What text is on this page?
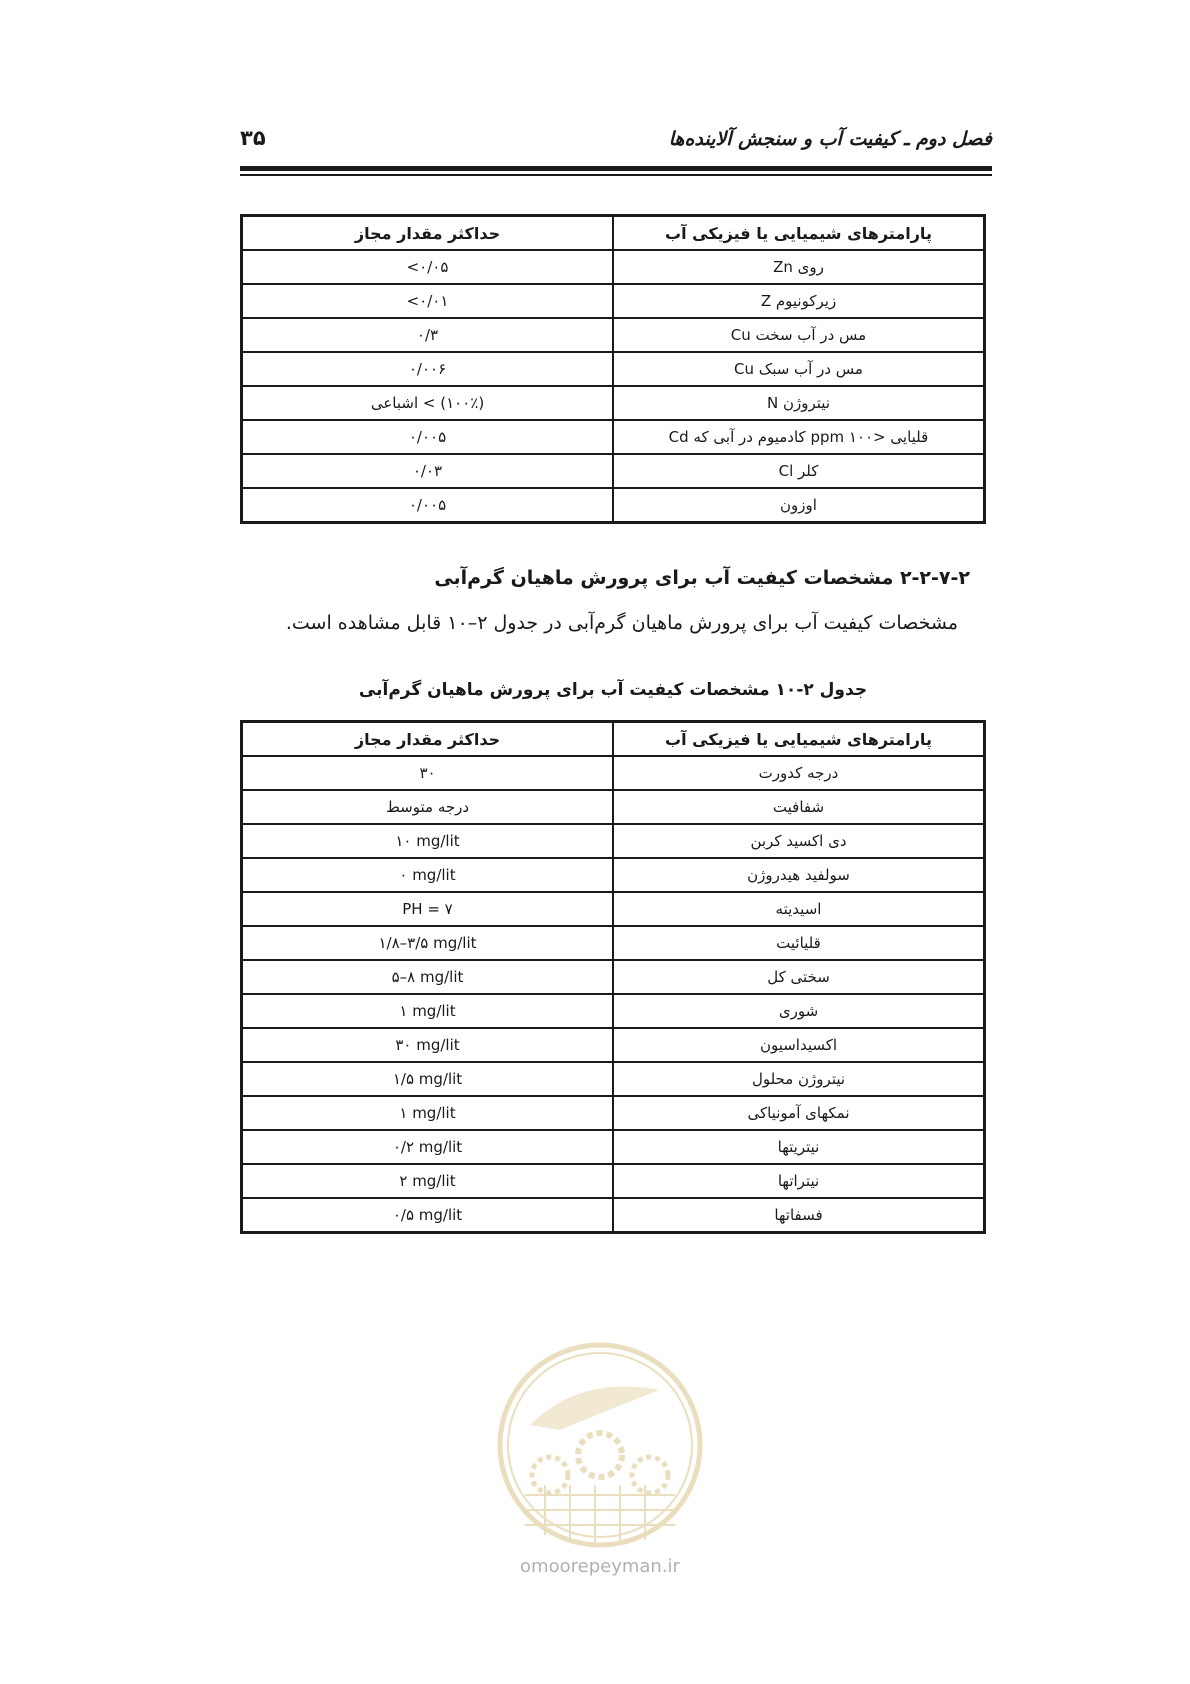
فصل دوم ـ کیفیت آب و سنجش آلاینده‌ها
۳۵
پارامترهای شیمیایی یا فیزیکی آب	حداکثر مقدار مجاز
Zn روی	<۰/۰۵
Z زیرکونیوم	<۰/۰۱
Cu مس در آب سخت	۰/۳
Cu مس در آب سبک	۰/۰۰۶
N نیتروژن	(۱۰۰٪) > اشباعی
Cd کادمیوم در آبی که ppm ۱۰۰> قلیایی	۰/۰۰۵
Cl کلر	۰/۰۳
اوزون	۰/۰۰۵
۲-۲-۷-۲ مشخصات کیفیت آب برای پرورش ماهیان گرم‌آبی
مشخصات کیفیت آب برای پرورش ماهیان گرم‌آبی در جدول ۲–۱۰ قابل مشاهده است.
جدول ۲-۱۰ مشخصات کیفیت آب برای پرورش ماهیان گرم‌آبی
پارامترهای شیمیایی یا فیزیکی آب	حداکثر مقدار مجاز
درجه کدورت	۳۰
شفافیت	درجه متوسط
دی اکسید کربن	۱۰ mg/lit
سولفید هیدروژن	۰ mg/lit
اسیدیته	PH = ۷
قلیائیت	۱/۸–۳/۵ mg/lit
سختی کل	۵–۸ mg/lit
شوری	۱ mg/lit
اکسیداسیون	۳۰ mg/lit
نیتروژن محلول	۱/۵ mg/lit
نمکهای آمونیاکی	۱ mg/lit
نیتریتها	۰/۲ mg/lit
نیتراتها	۲ mg/lit
فسفاتها	۰/۵ mg/lit
omoorepeyman.ir
